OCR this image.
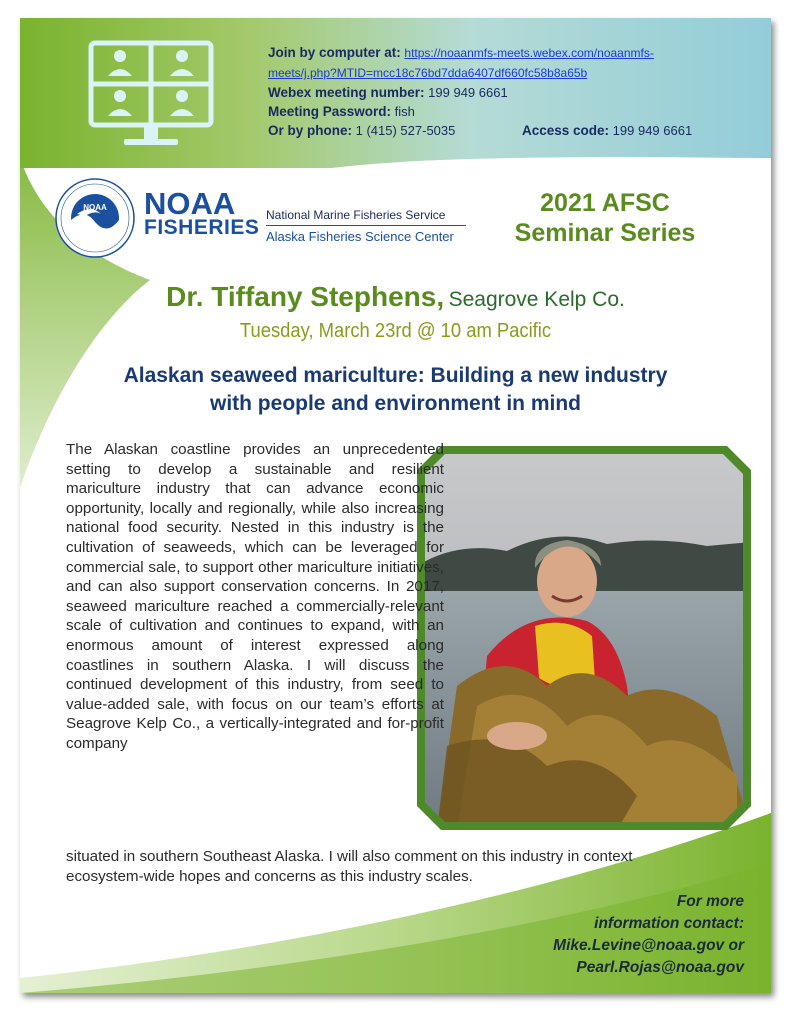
Join by computer at: https://noaanmfs-meets.webex.com/noaanmfs-
meets/j.php?MTID=mcc18c76bd7dda6407df660fc58b8a65b
Webex meeting number: 199 949 6661
Meeting Password: fish
Or by phone: 1 (415) 527-5035	Access code: 199 949 6661
NOAA NOAA
FISHERIES
National Marine Fisheries Service
Alaska Fisheries Science Center
2021 AFSC
Seminar Series
Dr. Tiffany Stephens, Seagrove Kelp Co.
Tuesday, March 23rd @ 10 am Pacific
Alaskan seaweed mariculture: Building a new industry
with people and environment in mind
The Alaskan coastline provides an unprecedented setting to develop a sustainable and resilient mariculture industry that can advance economic opportunity, locally and regionally, while also increasing national food security. Nested in this industry is the cultivation of seaweeds, which can be leveraged for commercial sale, to support other mariculture initiatives, and can also support conservation concerns. In 2017, seaweed mariculture reached a commercially-relevant scale of cultivation and continues to expand, with an enormous amount of interest expressed along coastlines in southern Alaska. I will discuss the continued development of this industry, from seed to value-added sale, with focus on our team’s efforts at Seagrove Kelp Co., a vertically-integrated and for-profit company
situated in southern Southeast Alaska. I will also comment on this industry in context ecosystem-wide hopes and concerns as this industry scales.
For more
information contact:
Mike.Levine@noaa.gov or
Pearl.Rojas@noaa.gov
